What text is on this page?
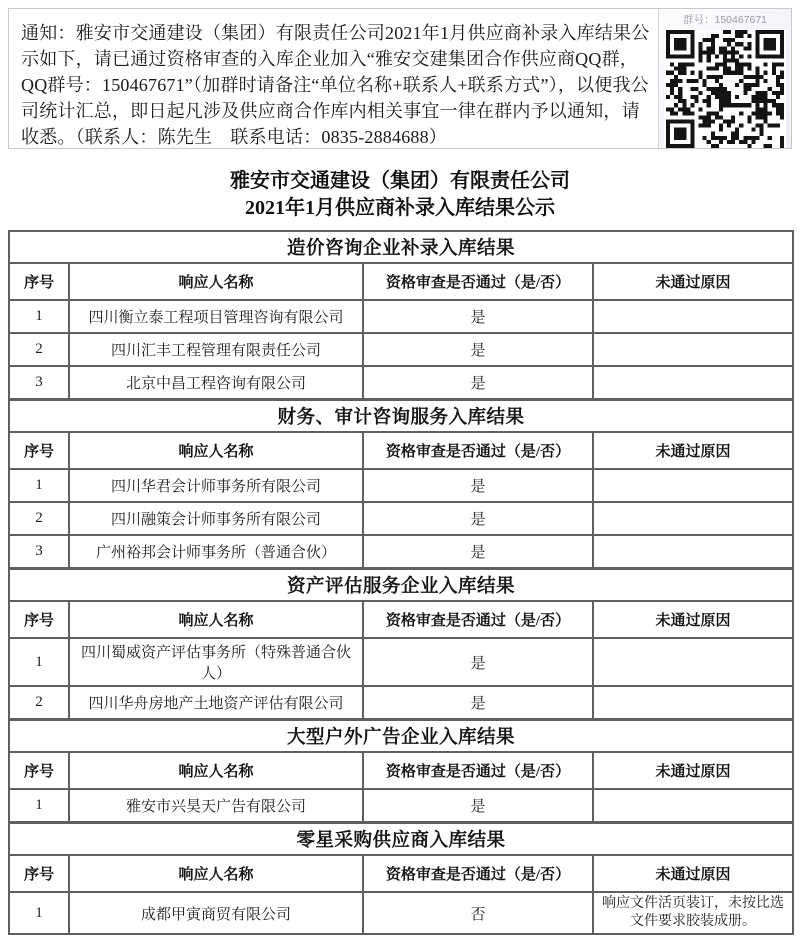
通知：雅安市交通建设（集团）有限责任公司2021年1月供应商补录入库结果公示如下，请已通过资格审查的入库企业加入“雅安交建集团合作供应商QQ群，QQ群号：150467671”（加群时请备注“单位名称+联系人+联系方式”），以便我公司统计汇总，即日起凡涉及供应商合作库内相关事宜一律在群内予以通知，请收悉。（联系人：陈先生　联系电话：0835-2884688）
群号：150467671
雅安市交通建设（集团）有限责任公司
2021年1月供应商补录入库结果公示
造价咨询企业补录入库结果			
序号	响应人名称	资格审查是否通过（是/否）	未通过原因
1	四川衡立泰工程项目管理咨询有限公司	是	
2	四川汇丰工程管理有限责任公司	是	
3	北京中昌工程咨询有限公司	是	
财务、审计咨询服务入库结果			
序号	响应人名称	资格审查是否通过（是/否）	未通过原因
1	四川华君会计师事务所有限公司	是	
2	四川融策会计师事务所有限公司	是	
3	广州裕邦会计师事务所（普通合伙）	是	
资产评估服务企业入库结果			
序号	响应人名称	资格审查是否通过（是/否）	未通过原因
1	四川蜀威资产评估事务所（特殊普通合伙人）	是	
2	四川华舟房地产土地资产评估有限公司	是	
大型户外广告企业入库结果			
序号	响应人名称	资格审查是否通过（是/否）	未通过原因
1	雅安市兴昊天广告有限公司	是	
零星采购供应商入库结果			
序号	响应人名称	资格审查是否通过（是/否）	未通过原因
1	成都甲寅商贸有限公司	否	响应文件活页装订，未按比选文件要求胶装成册。
